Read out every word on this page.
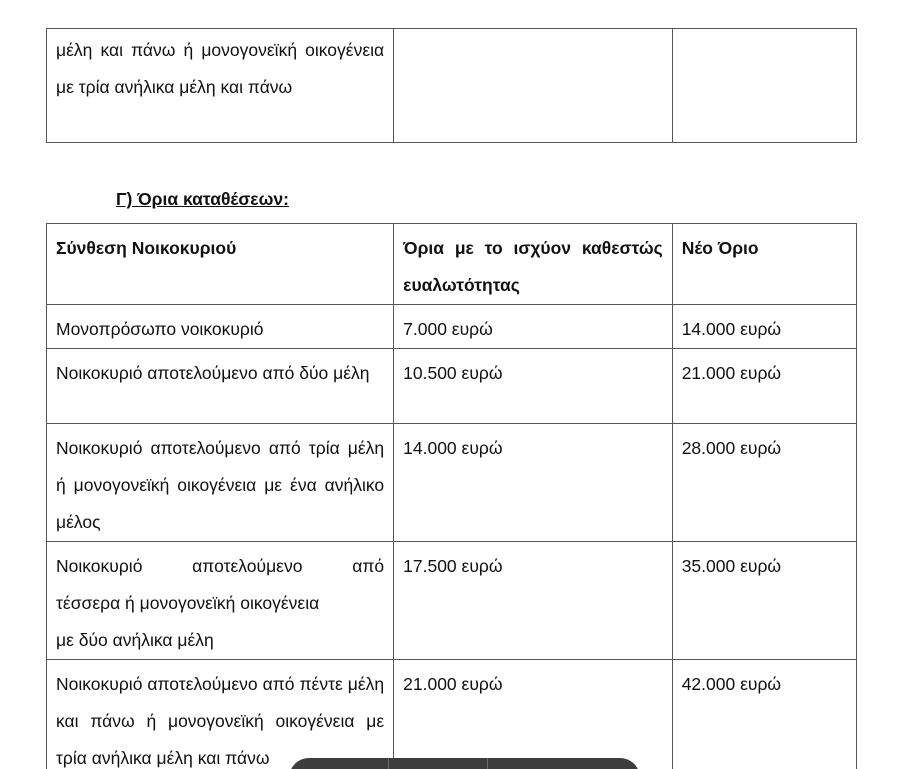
μέλη και πάνω ή μονογονεϊκή οικογένεια με τρία ανήλικα μέλη και πάνω		

Γ) Όρια καταθέσεων:

Σύνθεση Νοικοκυριού	Όρια με το ισχύον καθεστώς ευαλωτότητας	Νέο Όριο
Μονοπρόσωπο νοικοκυριό	7.000 ευρώ	14.000 ευρώ
Νοικοκυριό αποτελούμενο από δύο μέλη	10.500 ευρώ	21.000 ευρώ
Νοικοκυριό αποτελούμενο από τρία μέλη ή μονογονεϊκή οικογένεια με ένα ανήλικο μέλος	14.000 ευρώ	28.000 ευρώ

Νοικοκυριό αποτελούμενο από
τέσσερα ή μονογονεϊκή οικογένεια
με δύο ανήλικα μέλη	17.500 ευρώ	35.000 ευρώ
Νοικοκυριό αποτελούμενο από πέντε μέλη και πάνω ή μονογονεϊκή οικογένεια με τρία ανήλικα μέλη και πάνω	21.000 ευρώ	42.000 ευρώ
